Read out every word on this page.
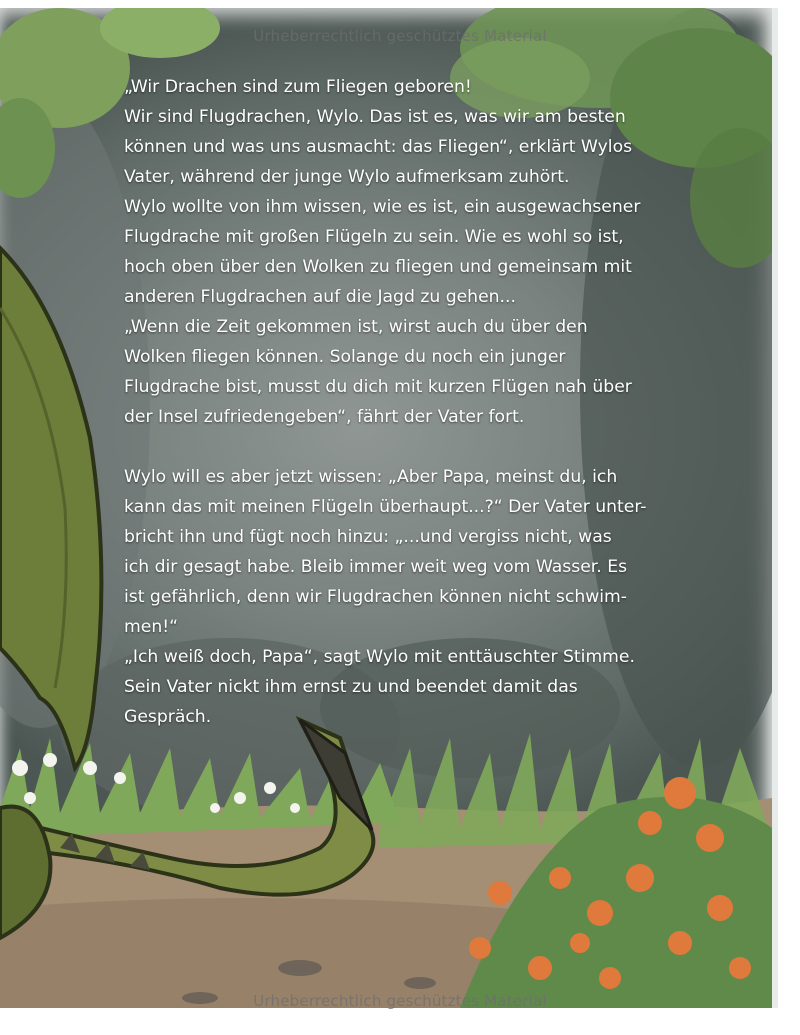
Urheberrechtlich geschütztes Material
„Wir Drachen sind zum Fliegen geboren!
Wir sind Flugdrachen, Wylo. Das ist es, was wir am besten
können und was uns ausmacht: das Fliegen“, erklärt Wylos
Vater, während der junge Wylo aufmerksam zuhört.
Wylo wollte von ihm wissen, wie es ist, ein ausgewachsener
Flugdrache mit großen Flügeln zu sein. Wie es wohl so ist,
hoch oben über den Wolken zu fliegen und gemeinsam mit
anderen Flugdrachen auf die Jagd zu gehen...
„Wenn die Zeit gekommen ist, wirst auch du über den
Wolken fliegen können. Solange du noch ein junger
Flugdrache bist, musst du dich mit kurzen Flügen nah über
der Insel zufriedengeben“, fährt der Vater fort.
Wylo will es aber jetzt wissen: „Aber Papa, meinst du, ich
kann das mit meinen Flügeln überhaupt...?“ Der Vater unter-
bricht ihn und fügt noch hinzu: „...und vergiss nicht, was
ich dir gesagt habe. Bleib immer weit weg vom Wasser. Es
ist gefährlich, denn wir Flugdrachen können nicht schwim-
men!“
„Ich weiß doch, Papa“, sagt Wylo mit enttäuschter Stimme.
Sein Vater nickt ihm ernst zu und beendet damit das
Gespräch.
Urheberrechtlich geschütztes Material
